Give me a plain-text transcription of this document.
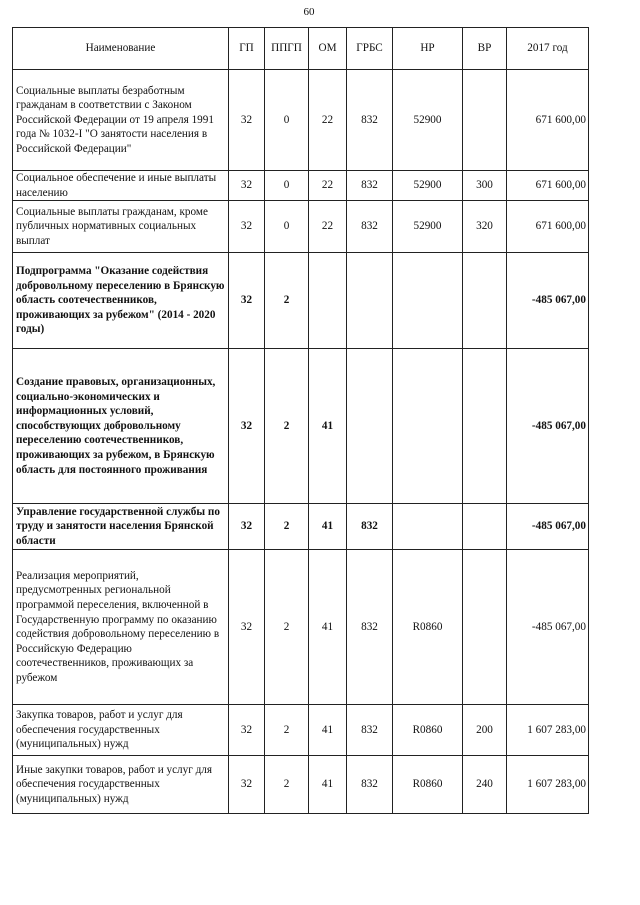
60
Наименование	ГП	ППГП	ОМ	ГРБС	НР	ВР	2017 год
Социальные выплаты безработным гражданам в соответствии с Законом Российской Федерации от 19 апреля 1991 года № 1032-I "О занятости населения в Российской Федерации"	32	0	22	832	52900		671 600,00
Социальное обеспечение и иные выплаты населению	32	0	22	832	52900	300	671 600,00
Социальные выплаты гражданам, кроме публичных нормативных социальных выплат	32	0	22	832	52900	320	671 600,00
Подпрограмма "Оказание содействия добровольному переселению в Брянскую область соотечественников, проживающих за рубежом" (2014 - 2020 годы)	32	2					-485 067,00
Создание правовых, организационных, социально-экономических и информационных условий, способствующих добровольному переселению соотечественников, проживающих за рубежом, в Брянскую область для постоянного проживания	32	2	41				-485 067,00
Управление государственной службы по труду и занятости населения Брянской области	32	2	41	832			-485 067,00
Реализация мероприятий, предусмотренных региональной программой переселения, включенной в Государственную программу по оказанию содействия добровольному переселению в Российскую Федерацию соотечественников, проживающих за рубежом	32	2	41	832	R0860		-485 067,00
Закупка товаров, работ и услуг для обеспечения государственных (муниципальных) нужд	32	2	41	832	R0860	200	1 607 283,00
Иные закупки товаров, работ и услуг для обеспечения государственных (муниципальных) нужд	32	2	41	832	R0860	240	1 607 283,00
